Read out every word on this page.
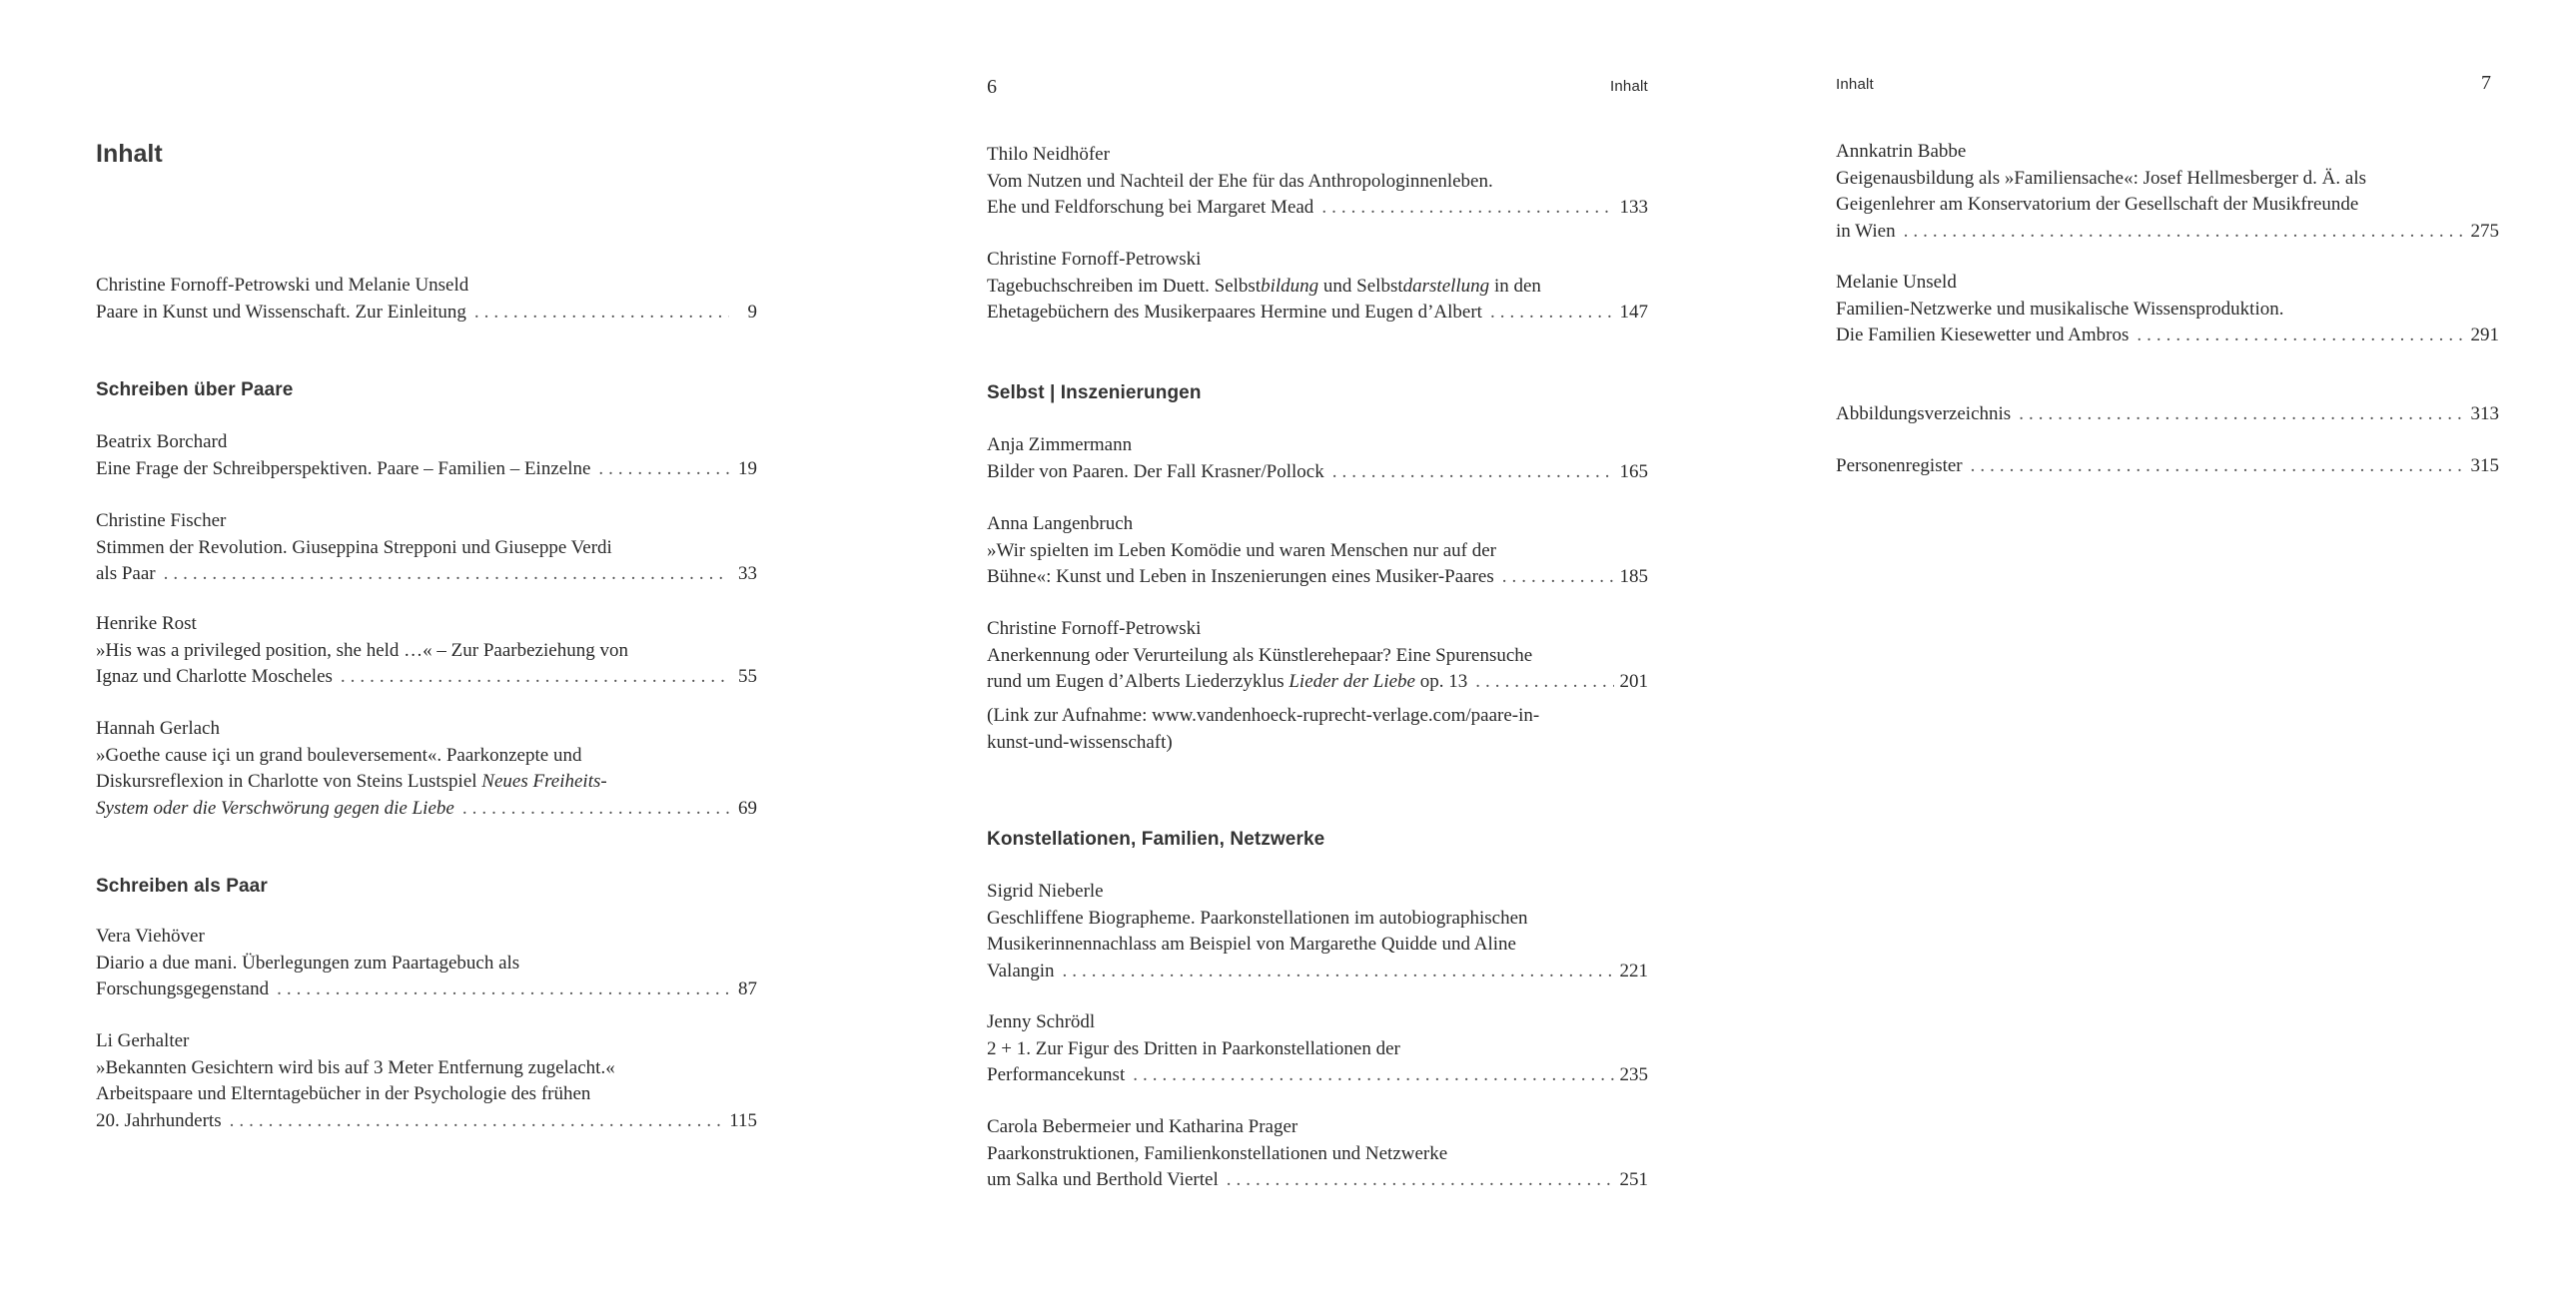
Inhalt
Christine Fornoff-Petrowski und Melanie Unseld
Paare in Kunst und Wissenschaft. Zur Einleitung .....	9
Schreiben über Paare
Beatrix Borchard
Eine Frage der Schreibperspektiven. Paare – Familien – Einzelne .....	19
Christine Fischer
Stimmen der Revolution. Giuseppina Strepponi und Giuseppe Verdi
als Paar .....	33
Henrike Rost
»His was a privileged position, she held …« – Zur Paarbeziehung von
Ignaz und Charlotte Moscheles .....	55
Hannah Gerlach
»Goethe cause içi un grand bouleversement«. Paarkonzepte und
Diskursreflexion in Charlotte von Steins Lustspiel Neues Freiheits-
System oder die Verschwörung gegen die Liebe .....	69
Schreiben als Paar
Vera Viehöver
Diario a due mani. Überlegungen zum Paartagebuch als
Forschungsgegenstand .....	87
Li Gerhalter
»Bekannten Gesichtern wird bis auf 3 Meter Entfernung zugelacht.«
Arbeitspaare und Elterntagebücher in der Psychologie des frühen
20. Jahrhunderts .....	115
6	Inhalt
Thilo Neidhöfer
Vom Nutzen und Nachteil der Ehe für das Anthropologinnenleben.
Ehe und Feldforschung bei Margaret Mead .....	133
Christine Fornoff-Petrowski
Tagebuchschreiben im Duett. Selbstbildung und Selbstdarstellung in den
Ehetagebüchern des Musikerpaares Hermine und Eugen d’Albert .....	147
Selbst | Inszenierungen
Anja Zimmermann
Bilder von Paaren. Der Fall Krasner/Pollock .....	165
Anna Langenbruch
»Wir spielten im Leben Komödie und waren Menschen nur auf der
Bühne«: Kunst und Leben in Inszenierungen eines Musiker-Paares .....	185
Christine Fornoff-Petrowski
Anerkennung oder Verurteilung als Künstlerehepaar? Eine Spurensuche
rund um Eugen d’Alberts Liederzyklus Lieder der Liebe op. 13 .....	201
(Link zur Aufnahme: www.vandenhoeck-ruprecht-verlage.com/paare-in-
kunst-und-wissenschaft)
Konstellationen, Familien, Netzwerke
Sigrid Nieberle
Geschliffene Biographeme. Paarkonstellationen im autobiographischen
Musikerinnennachlass am Beispiel von Margarethe Quidde und Aline
Valangin .....	221
Jenny Schrödl
2 + 1. Zur Figur des Dritten in Paarkonstellationen der
Performancekunst .....	235
Carola Bebermeier und Katharina Prager
Paarkonstruktionen, Familienkonstellationen und Netzwerke
um Salka und Berthold Viertel .....	251
Inhalt	7
Annkatrin Babbe
Geigenausbildung als »Familiensache«: Josef Hellmesberger d. Ä. als
Geigenlehrer am Konservatorium der Gesellschaft der Musikfreunde
in Wien .....	275
Melanie Unseld
Familien-Netzwerke und musikalische Wissensproduktion.
Die Familien Kiesewetter und Ambros .....	291
Abbildungsverzeichnis .....	313
Personenregister .....	315
